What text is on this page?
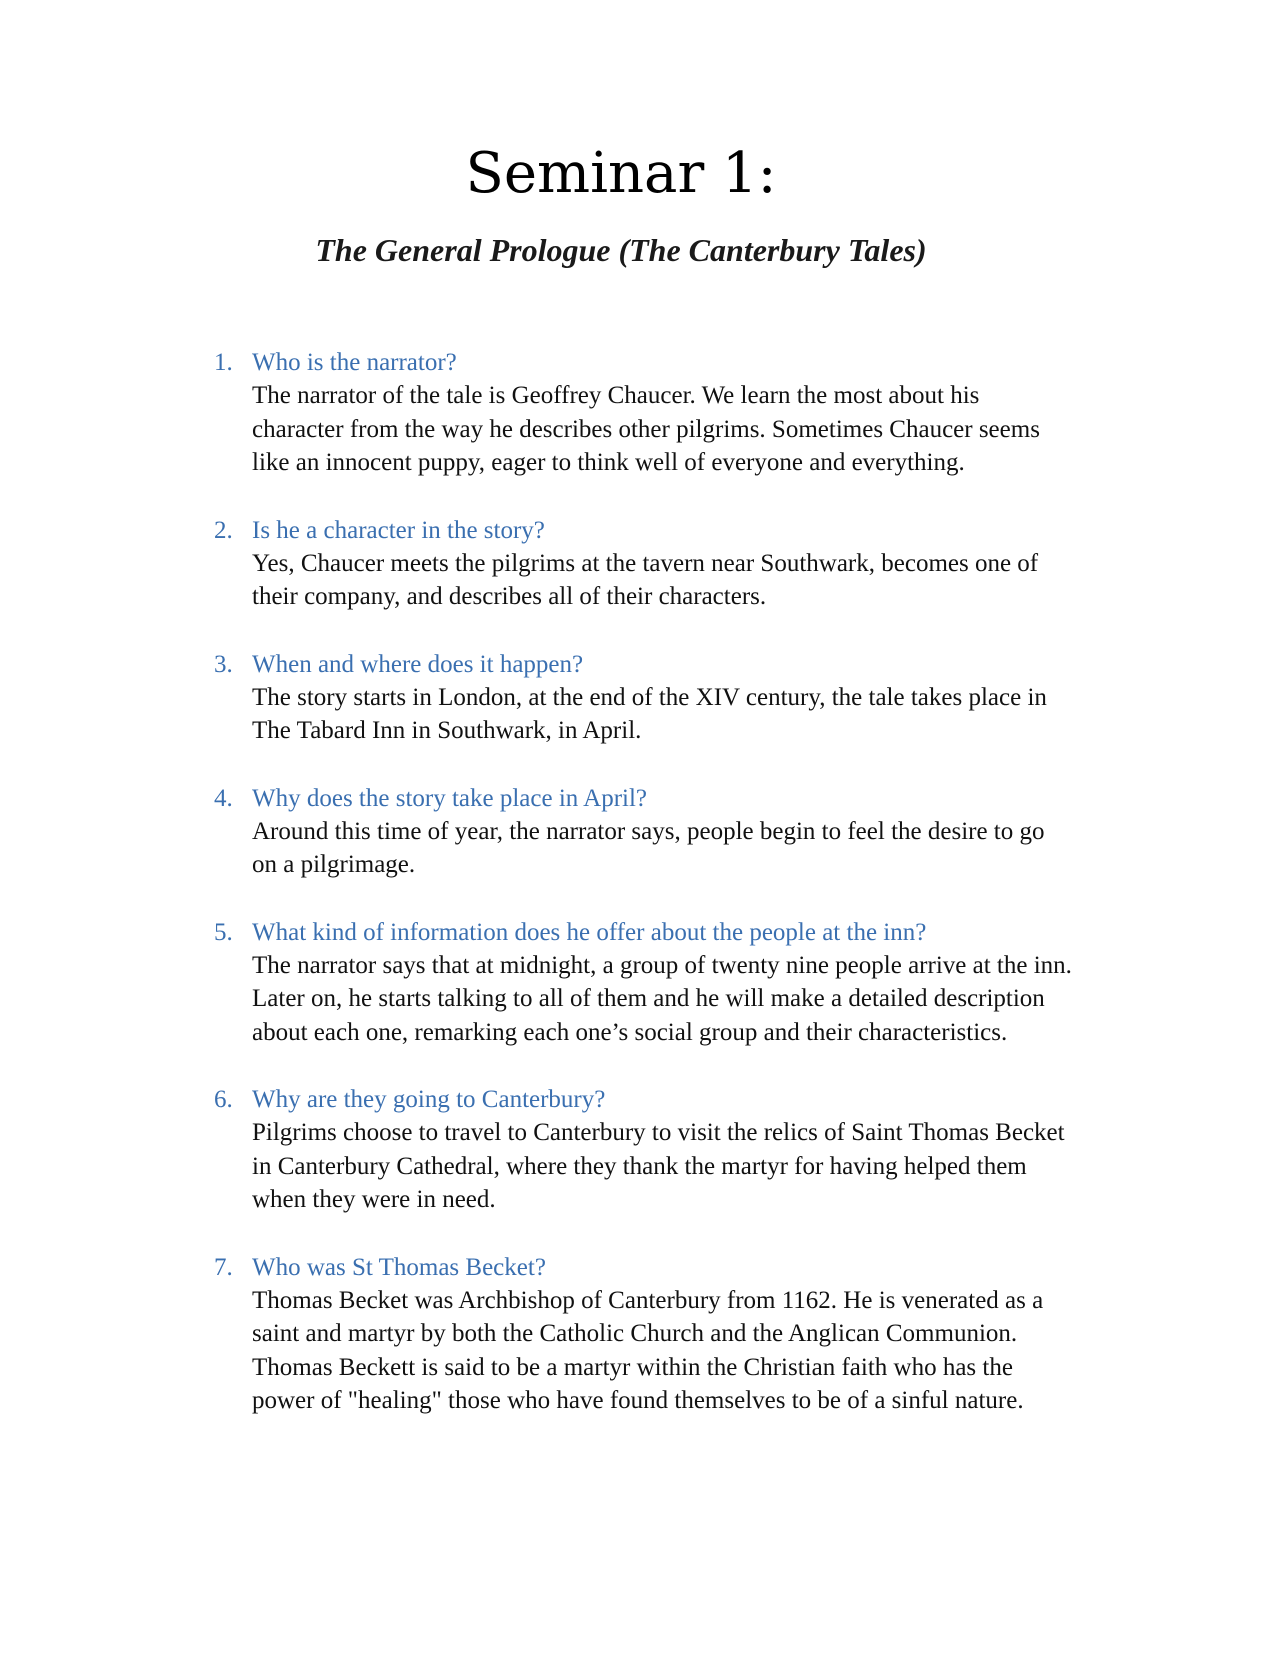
Seminar 1:
The General Prologue (The Canterbury Tales)
1. Who is the narrator?

The narrator of the tale is Geoffrey Chaucer. We learn the most about his character from the way he describes other pilgrims. Sometimes Chaucer seems like an innocent puppy, eager to think well of everyone and everything.

2. Is he a character in the story?

Yes, Chaucer meets the pilgrims at the tavern near Southwark, becomes one of their company, and describes all of their characters.

3. When and where does it happen?

The story starts in London, at the end of the XIV century, the tale takes place in The Tabard Inn in Southwark, in April.

4. Why does the story take place in April?

Around this time of year, the narrator says, people begin to feel the desire to go on a pilgrimage.

5. What kind of information does he offer about the people at the inn?

The narrator says that at midnight, a group of twenty nine people arrive at the inn. Later on, he starts talking to all of them and he will make a detailed description about each one, remarking each one’s social group and their characteristics.

6. Why are they going to Canterbury?

Pilgrims choose to travel to Canterbury to visit the relics of Saint Thomas Becket in Canterbury Cathedral, where they thank the martyr for having helped them when they were in need.

7. Who was St Thomas Becket?

Thomas Becket was Archbishop of Canterbury from 1162. He is venerated as a saint and martyr by both the Catholic Church and the Anglican Communion. Thomas Beckett is said to be a martyr within the Christian faith who has the power of "healing" those who have found themselves to be of a sinful nature.
